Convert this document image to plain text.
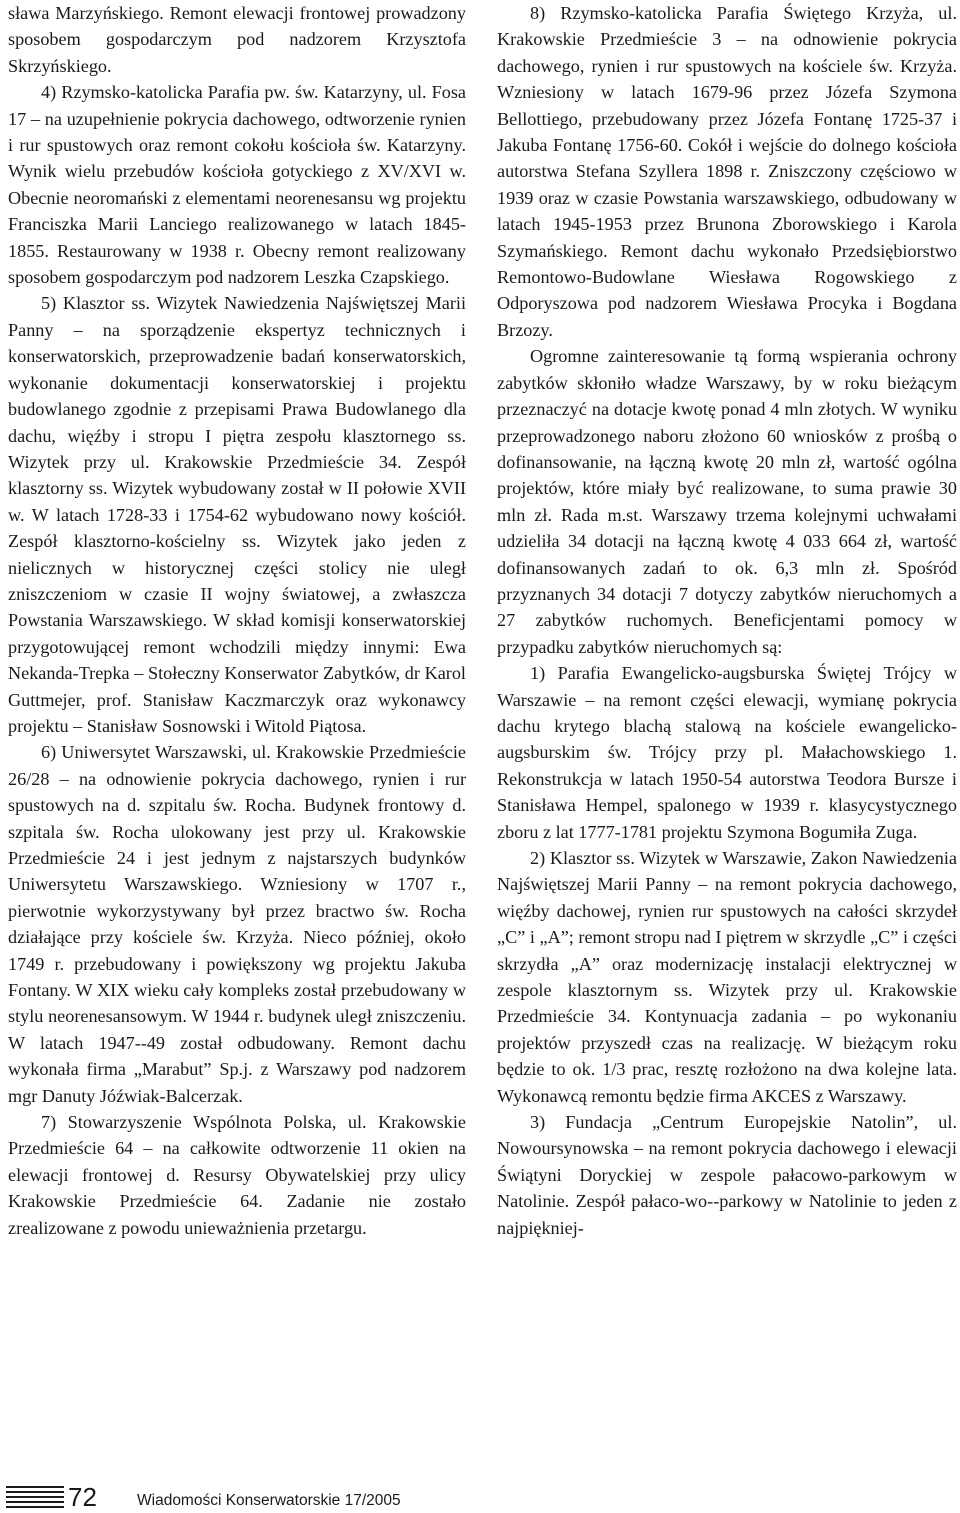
sława Marzyńskiego. Remont elewacji frontowej prowadzony sposobem gospodarczym pod nadzorem Krzysztofa Skrzyńskiego.

4) Rzymsko-katolicka Parafia pw. św. Katarzyny, ul. Fosa 17 – na uzupełnienie pokrycia dachowego, odtworzenie rynien i rur spustowych oraz remont cokołu kościoła św. Katarzyny. Wynik wielu przebudów kościoła gotyckiego z XV/XVI w. Obecnie neoromański z elementami neorenesansu wg projektu Franciszka Marii Lanciego realizowanego w latach 1845-1855. Restaurowany w 1938 r. Obecny remont realizowany sposobem gospodarczym pod nadzorem Leszka Czapskiego.

5) Klasztor ss. Wizytek Nawiedzenia Najświętszej Marii Panny – na sporządzenie ekspertyz technicznych i konserwatorskich, przeprowadzenie badań konserwatorskich, wykonanie dokumentacji konserwatorskiej i projektu budowlanego zgodnie z przepisami Prawa Budowlanego dla dachu, więźby i stropu I piętra zespołu klasztornego ss. Wizytek przy ul. Krakowskie Przedmieście 34. Zespół klasztorny ss. Wizytek wybudowany został w II połowie XVII w. W latach 1728-33 i 1754-62 wybudowano nowy kościół. Zespół klasztorno-kościelny ss. Wizytek jako jeden z nielicznych w historycznej części stolicy nie uległ zniszczeniom w czasie II wojny światowej, a zwłaszcza Powstania Warszawskiego. W skład komisji konserwatorskiej przygotowującej remont wchodzili między innymi: Ewa Nekanda-Trepka – Stołeczny Konserwator Zabytków, dr Karol Guttmejer, prof. Stanisław Kaczmarczyk oraz wykonawcy projektu – Stanisław Sosnowski i Witold Piątosa.

6) Uniwersytet Warszawski, ul. Krakowskie Przedmieście 26/28 – na odnowienie pokrycia dachowego, rynien i rur spustowych na d. szpitalu św. Rocha. Budynek frontowy d. szpitala św. Rocha ulokowany jest przy ul. Krakowskie Przedmieście 24 i jest jednym z najstarszych budynków Uniwersytetu Warszawskiego. Wzniesiony w 1707 r., pierwotnie wykorzystywany był przez bractwo św. Rocha działające przy kościele św. Krzyża. Nieco później, około 1749 r. przebudowany i powiększony wg projektu Jakuba Fontany. W XIX wieku cały kompleks został przebudowany w stylu neorenesansowym. W 1944 r. budynek uległ zniszczeniu. W latach 1947--49 został odbudowany. Remont dachu wykonała firma „Marabut” Sp.j. z Warszawy pod nadzorem mgr Danuty Jóźwiak-Balcerzak.

7) Stowarzyszenie Wspólnota Polska, ul. Krakowskie Przedmieście 64 – na całkowite odtworzenie 11 okien na elewacji frontowej d. Resursy Obywatelskiej przy ulicy Krakowskie Przedmieście 64. Zadanie nie zostało zrealizowane z powodu unieważnienia przetargu.

8) Rzymsko-katolicka Parafia Świętego Krzyża, ul. Krakowskie Przedmieście 3 – na odnowienie pokrycia dachowego, rynien i rur spustowych na kościele św. Krzyża. Wzniesiony w latach 1679-96 przez Józefa Szymona Bellottiego, przebudowany przez Józefa Fontanę 1725-37 i Jakuba Fontanę 1756-60. Cokół i wejście do dolnego kościoła autorstwa Stefana Szyllera 1898 r. Zniszczony częściowo w 1939 oraz w czasie Powstania warszawskiego, odbudowany w latach 1945-1953 przez Brunona Zborowskiego i Karola Szymańskiego. Remont dachu wykonało Przedsiębiorstwo Remontowo-Budowlane Wiesława Rogowskiego z Odporyszowa pod nadzorem Wiesława Procyka i Bogdana Brzozy.

Ogromne zainteresowanie tą formą wspierania ochrony zabytków skłoniło władze Warszawy, by w roku bieżącym przeznaczyć na dotacje kwotę ponad 4 mln złotych. W wyniku przeprowadzonego naboru złożono 60 wniosków z prośbą o dofinansowanie, na łączną kwotę 20 mln zł, wartość ogólna projektów, które miały być realizowane, to suma prawie 30 mln zł. Rada m.st. Warszawy trzema kolejnymi uchwałami udzieliła 34 dotacji na łączną kwotę 4 033 664 zł, wartość dofinansowanych zadań to ok. 6,3 mln zł. Spośród przyznanych 34 dotacji 7 dotyczy zabytków nieruchomych a 27 zabytków ruchomych. Beneficjentami pomocy w przypadku zabytków nieruchomych są:

1) Parafia Ewangelicko-augsburska Świętej Trójcy w Warszawie – na remont części elewacji, wymianę pokrycia dachu krytego blachą stalową na kościele ewangelicko-augsburskim św. Trójcy przy pl. Małachowskiego 1. Rekonstrukcja w latach 1950-54 autorstwa Teodora Bursze i Stanisława Hempel, spalonego w 1939 r. klasycystycznego zboru z lat 1777-1781 projektu Szymona Bogumiła Zuga.

2) Klasztor ss. Wizytek w Warszawie, Zakon Nawiedzenia Najświętszej Marii Panny – na remont pokrycia dachowego, więźby dachowej, rynien rur spustowych na całości skrzydeł „C” i „A”; remont stropu nad I piętrem w skrzydle „C” i części skrzydła „A” oraz modernizację instalacji elektrycznej w zespole klasztornym ss. Wizytek przy ul. Krakowskie Przedmieście 34. Kontynuacja zadania – po wykonaniu projektów przyszedł czas na realizację. W bieżącym roku będzie to ok. 1/3 prac, resztę rozłożono na dwa kolejne lata. Wykonawcą remontu będzie firma AKCES z Warszawy.

3) Fundacja „Centrum Europejskie Natolin”, ul. Nowoursynowska – na remont pokrycia dachowego i elewacji Świątyni Doryckiej w zespole pałacowo-parkowym w Natolinie. Zespół pałaco-wo--parkowy w Natolinie to jeden z najpiękniej-

72	Wiadomości Konserwatorskie 17/2005
